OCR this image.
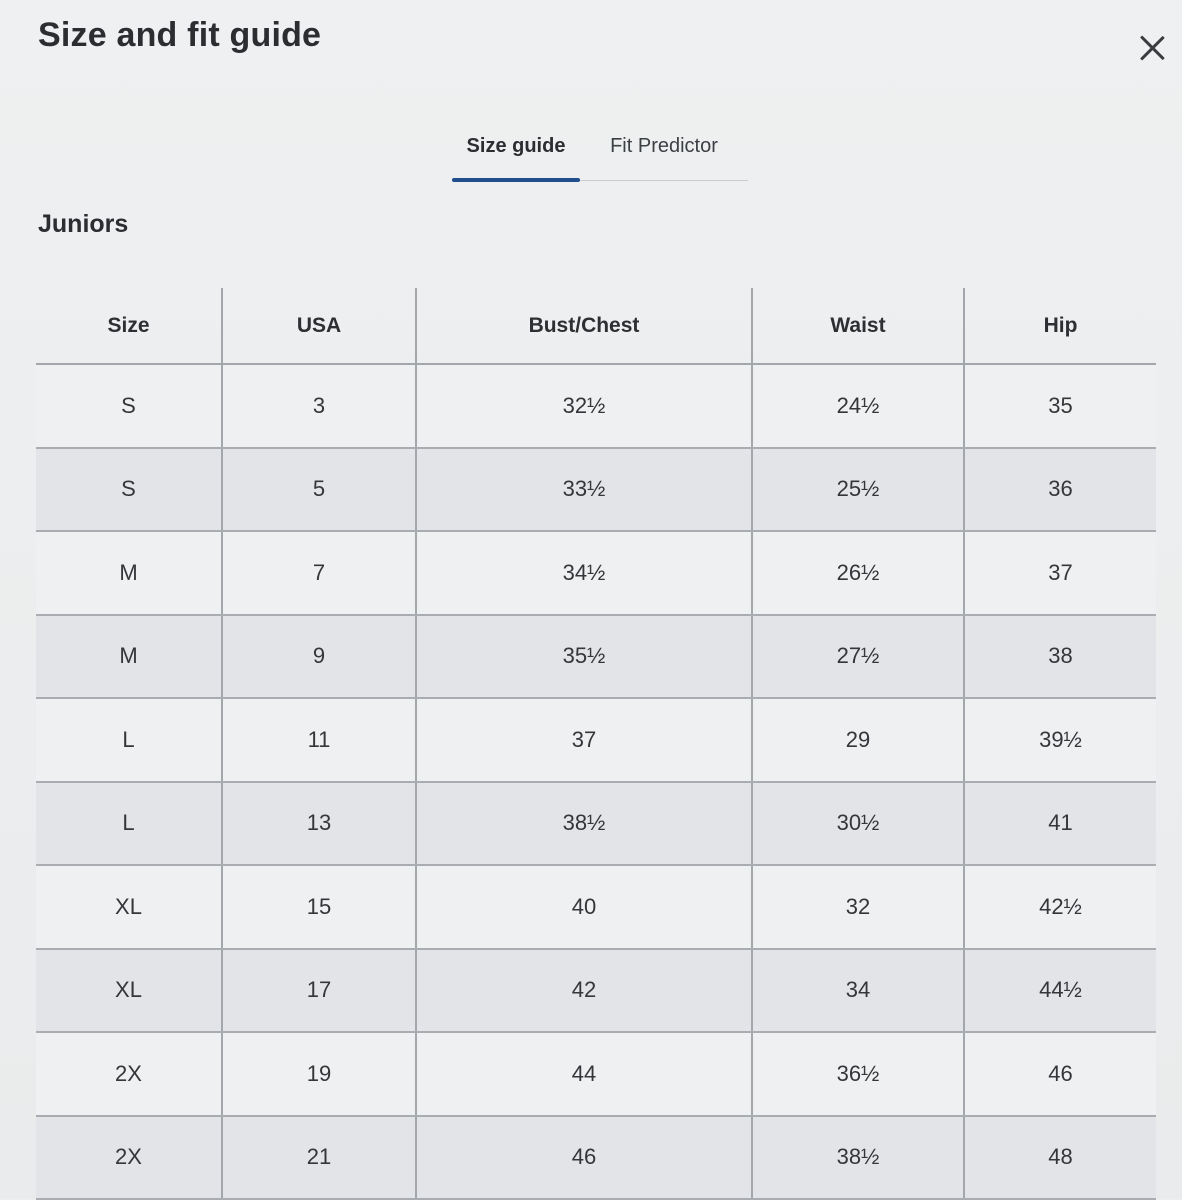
Size and fit guide
Size guide Fit Predictor
Juniors
Size	USA	Bust/Chest	Waist	Hip
S	3	32½	24½	35
S	5	33½	25½	36
M	7	34½	26½	37
M	9	35½	27½	38
L	11	37	29	39½
L	13	38½	30½	41
XL	15	40	32	42½
XL	17	42	34	44½
2X	19	44	36½	46
2X	21	46	38½	48
